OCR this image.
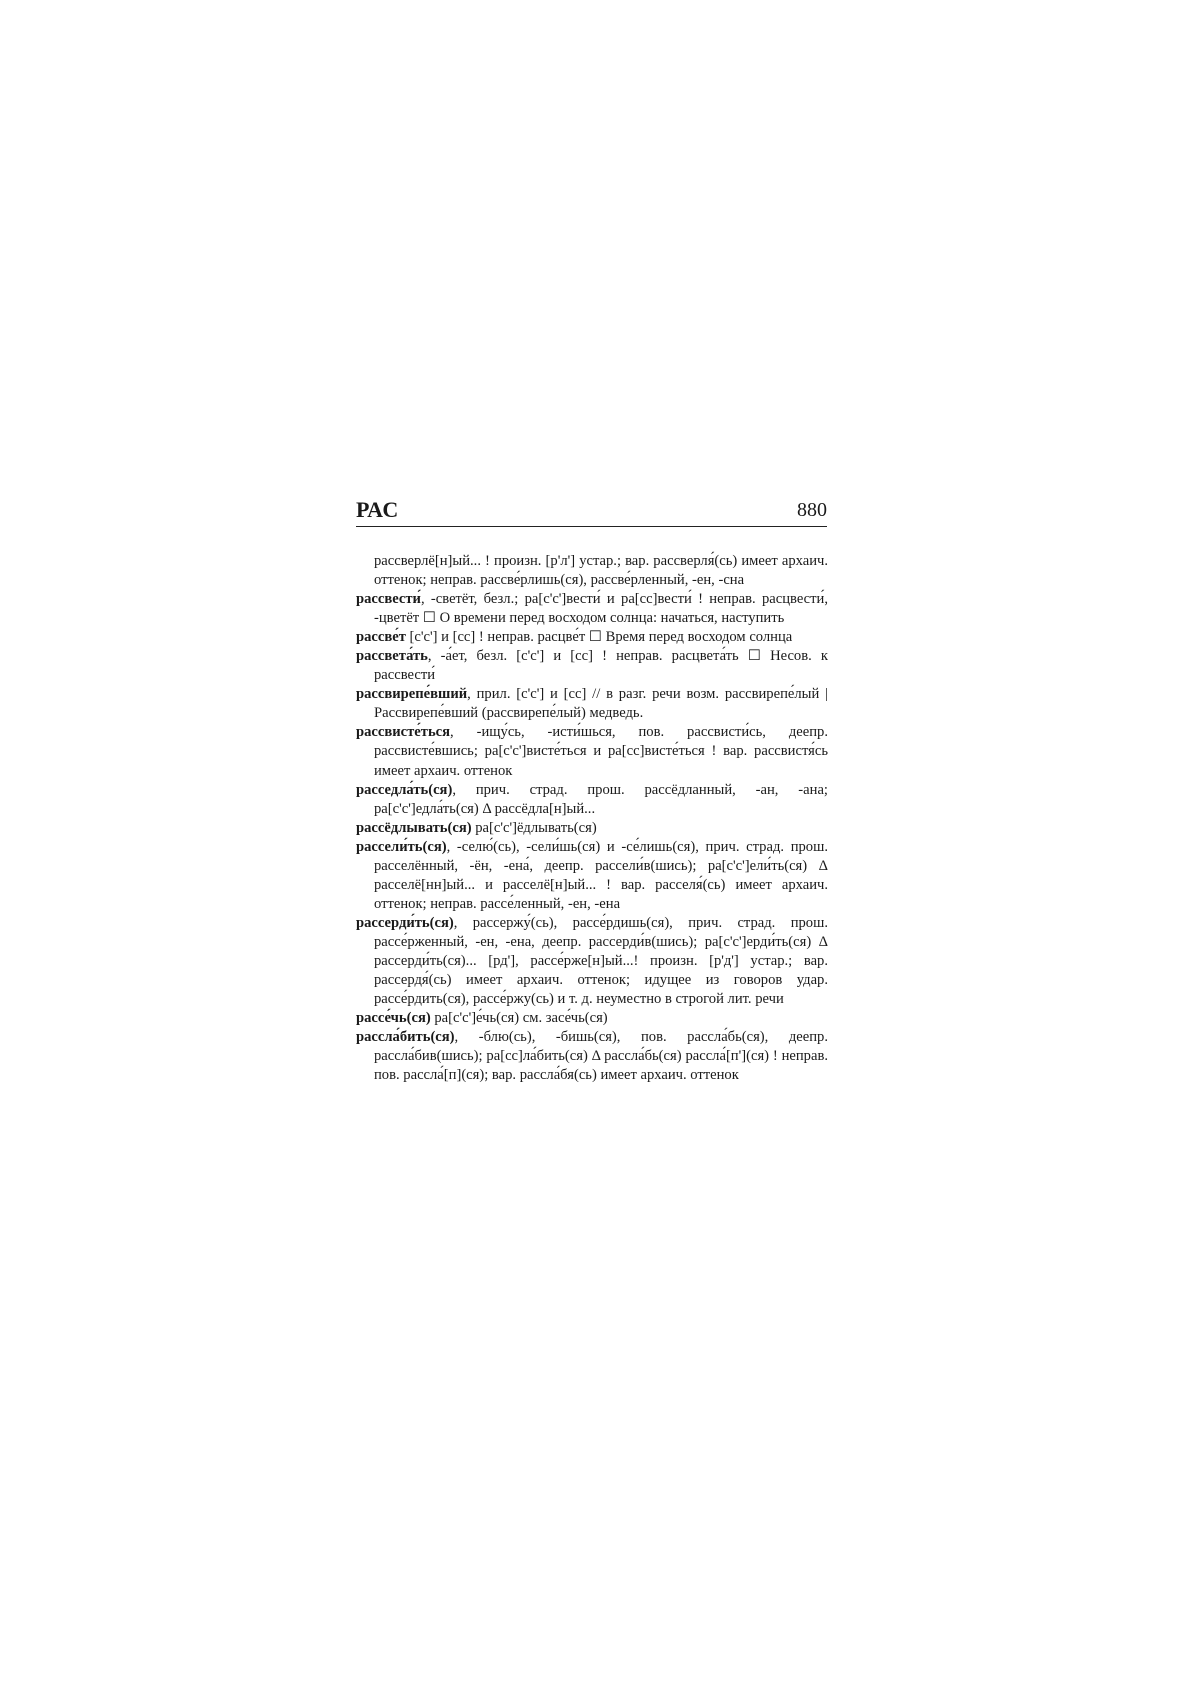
РАС	880

рассверлё[н]ый... ! произн. [р'л'] устар.; вар. рассверля́(сь) имеет архаич. оттенок; неправ. рассве́рлишь(ся), рассве́рленный, -ен, -сна

рассвести́, -светёт, безл.; ра[с'с']вести́ и ра[сс]вести́ ! неправ. расцвести́, -цветёт ☐ О времени перед восходом солнца: начаться, наступить

рассве́т [с'с'] и [сс] ! неправ. расцве́т ☐ Время перед восходом солнца

рассвета́ть, -а́ет, безл. [с'с'] и [сс] ! неправ. расцвета́ть ☐ Несов. к рассвести́

рассвирепе́вший, прил. [с'с'] и [сс] // в разг. речи возм. рассвирепе́лый | Рассвирепе́вший (рассвирепе́лый) медведь.

рассвисте́ться, -ищу́сь, -исти́шься, пов. рассвисти́сь, деепр. рассвисте́вшись; ра[с'с']висте́ться и ра[сс]висте́ться ! вар. рассвистя́сь имеет архаич. оттенок

расседла́ть(ся), прич. страд. прош. рассёдланный, -ан, -ана; ра[с'с']едла́ть(ся) Δ рассёдла[н]ый...

рассёдлывать(ся) ра[с'с']ёдлывать(ся)

рассели́ть(ся), -селю́(сь), -сели́шь(ся) и -се́лишь(ся), прич. страд. прош. расселённый, -ён, -ена́, деепр. рассели́в(шись); ра[с'с']ели́ть(ся) Δ расселё[нн]ый... и расселё[н]ый... ! вар. расселя́(сь) имеет архаич. оттенок; неправ. рассе́ленный, -ен, -ена

рассерди́ть(ся), рассержу́(сь), рассе́рдишь(ся), прич. страд. прош. рассе́рженный, -ен, -ена, деепр. рассерди́в(шись); ра[с'с']ерди́ть(ся) Δ рассерди́ть(ся)... [рд'], рассе́рже[н]ый...! произн. [р'д'] устар.; вар. рассердя́(сь) имеет архаич. оттенок; идущее из говоров удар. рассе́рдить(ся), рассе́ржу(сь) и т. д. неуместно в строгой лит. речи

рассе́чь(ся) ра[с'с']е́чь(ся) см. засе́чь(ся)

рассла́бить(ся), -блю(сь), -бишь(ся), пов. рассла́бь(ся), деепр. рассла́бив(шись); ра[сс]ла́бить(ся) Δ рассла́бь(ся) рассла́[п'](ся) ! неправ. пов. рассла́[п](ся); вар. рассла́бя(сь) имеет архаич. оттенок
